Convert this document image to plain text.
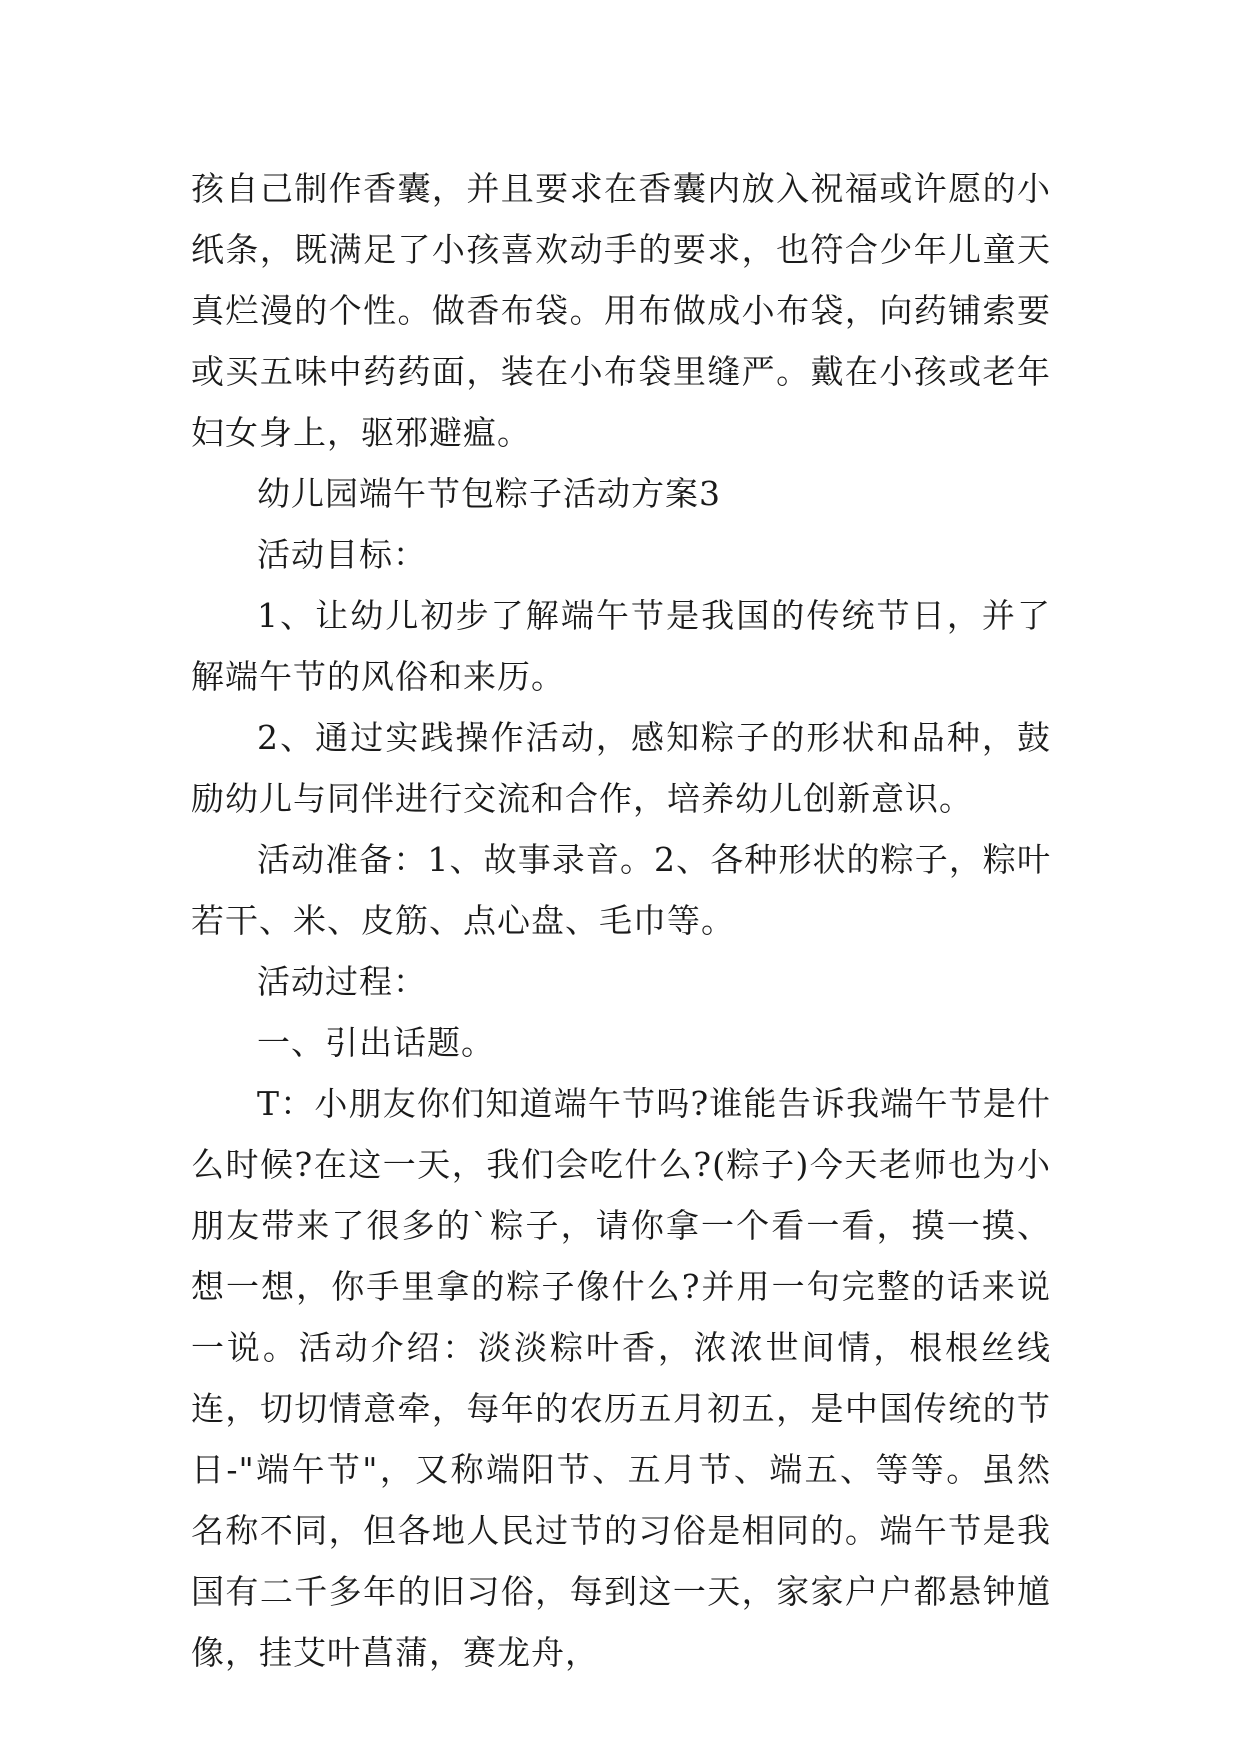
孩自己制作香囊，并且要求在香囊内放入祝福或许愿的小纸条，既满足了小孩喜欢动手的要求，也符合少年儿童天真烂漫的个性。做香布袋。用布做成小布袋，向药铺索要或买五味中药药面，装在小布袋里缝严。戴在小孩或老年妇女身上，驱邪避瘟。

幼儿园端午节包粽子活动方案3

活动目标：

1、让幼儿初步了解端午节是我国的传统节日，并了解端午节的风俗和来历。

2、通过实践操作活动，感知粽子的形状和品种，鼓励幼儿与同伴进行交流和合作，培养幼儿创新意识。

活动准备：1、故事录音。2、各种形状的粽子，粽叶若干、米、皮筋、点心盘、毛巾等。

活动过程：

一、引出话题。

T：小朋友你们知道端午节吗?谁能告诉我端午节是什么时候?在这一天，我们会吃什么?(粽子)今天老师也为小朋友带来了很多的`粽子，请你拿一个看一看，摸一摸、想一想，你手里拿的粽子像什么?并用一句完整的话来说一说。活动介绍：淡淡粽叶香，浓浓世间情，根根丝线连，切切情意牵，每年的农历五月初五，是中国传统的节日-"端午节"，又称端阳节、五月节、端五、等等。虽然名称不同，但各地人民过节的习俗是相同的。端午节是我国有二千多年的旧习俗，每到这一天，家家户户都悬钟馗像，挂艾叶菖蒲，赛龙舟，
